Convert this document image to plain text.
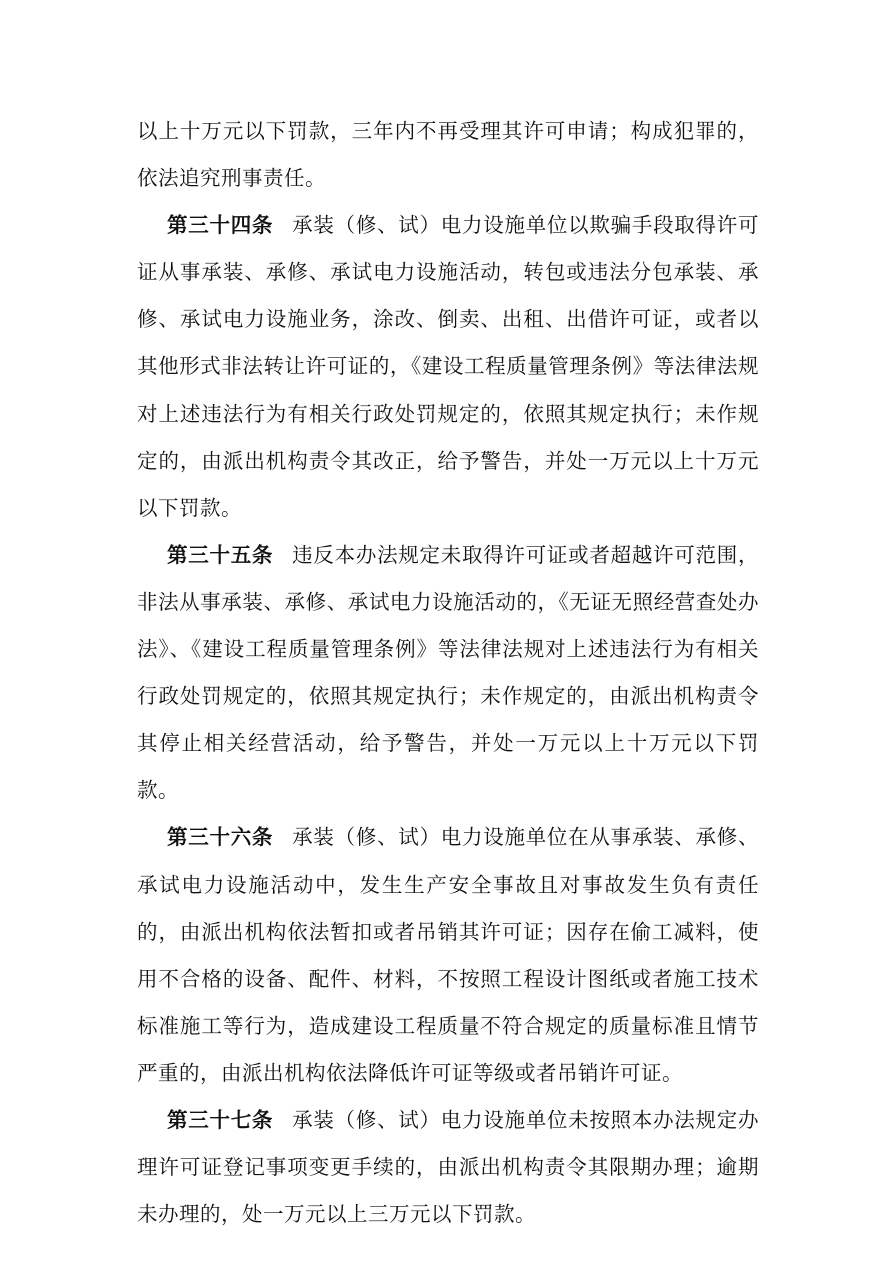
以上十万元以下罚款，三年内不再受理其许可申请；构成犯罪的，依法追究刑事责任。

第三十四条 承装（修、试）电力设施单位以欺骗手段取得许可证从事承装、承修、承试电力设施活动，转包或违法分包承装、承修、承试电力设施业务，涂改、倒卖、出租、出借许可证，或者以其他形式非法转让许可证的，《建设工程质量管理条例》等法律法规对上述违法行为有相关行政处罚规定的，依照其规定执行；未作规定的，由派出机构责令其改正，给予警告，并处一万元以上十万元以下罚款。

第三十五条 违反本办法规定未取得许可证或者超越许可范围，非法从事承装、承修、承试电力设施活动的，《无证无照经营查处办法》、《建设工程质量管理条例》等法律法规对上述违法行为有相关行政处罚规定的，依照其规定执行；未作规定的，由派出机构责令其停止相关经营活动，给予警告，并处一万元以上十万元以下罚款。

第三十六条 承装（修、试）电力设施单位在从事承装、承修、承试电力设施活动中，发生生产安全事故且对事故发生负有责任的，由派出机构依法暂扣或者吊销其许可证；因存在偷工减料，使用不合格的设备、配件、材料，不按照工程设计图纸或者施工技术标准施工等行为，造成建设工程质量不符合规定的质量标准且情节严重的，由派出机构依法降低许可证等级或者吊销许可证。

第三十七条 承装（修、试）电力设施单位未按照本办法规定办理许可证登记事项变更手续的，由派出机构责令其限期办理；逾期未办理的，处一万元以上三万元以下罚款。
